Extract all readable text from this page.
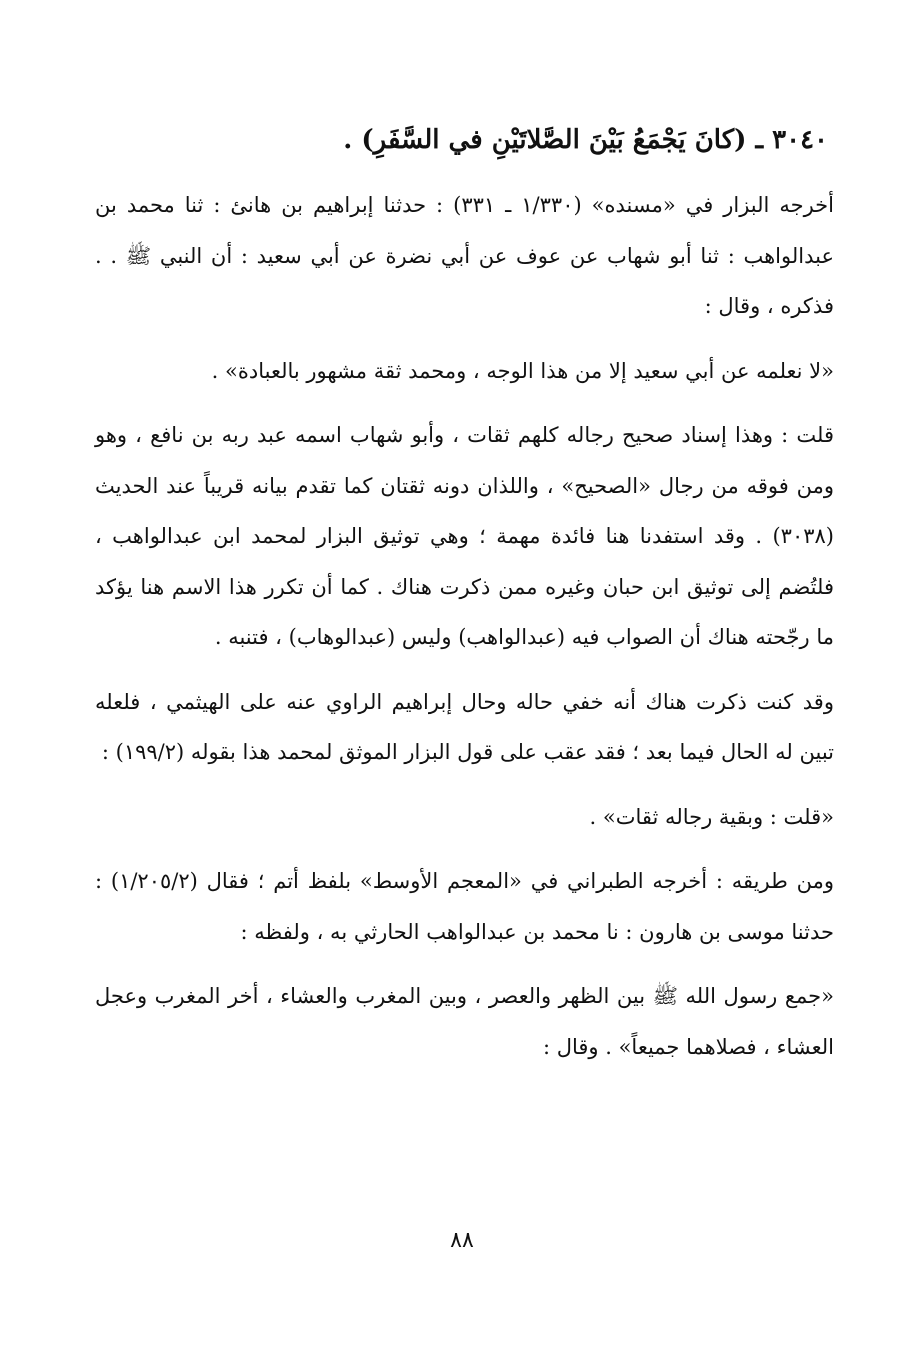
٣٠٤٠ ـ (كانَ يَجْمَعُ بَيْنَ الصَّلاتَيْنِ في السَّفَرِ) .

أخرجه البزار في «مسنده» (١/٣٣٠ ـ ٣٣١) : حدثنا إبراهيم بن هانئ : ثنا محمد بن عبدالواهب : ثنا أبو شهاب عن عوف عن أبي نضرة عن أبي سعيد : أن النبي ﷺ . . فذكره ، وقال :

«لا نعلمه عن أبي سعيد إلا من هذا الوجه ، ومحمد ثقة مشهور بالعبادة» .

قلت : وهذا إسناد صحيح رجاله كلهم ثقات ، وأبو شهاب اسمه عبد ربه بن نافع ، وهو ومن فوقه من رجال «الصحيح» ، واللذان دونه ثقتان كما تقدم بيانه قريباً عند الحديث (٣٠٣٨) . وقد استفدنا هنا فائدة مهمة ؛ وهي توثيق البزار لمحمد ابن عبدالواهب ، فلتُضم إلى توثيق ابن حبان وغيره ممن ذكرت هناك . كما أن تكرر هذا الاسم هنا يؤكد ما رجّحته هناك أن الصواب فيه (عبدالواهب) وليس (عبدالوهاب) ، فتنبه .

وقد كنت ذكرت هناك أنه خفي حاله وحال إبراهيم الراوي عنه على الهيثمي ، فلعله تبين له الحال فيما بعد ؛ فقد عقب على قول البزار الموثق لمحمد هذا بقوله (١٩٩/٢) :

«قلت : وبقية رجاله ثقات» .

ومن طريقه : أخرجه الطبراني في «المعجم الأوسط» بلفظ أتم ؛ فقال (١/٢٠٥/٢) : حدثنا موسى بن هارون : نا محمد بن عبدالواهب الحارثي به ، ولفظه :

«جمع رسول الله ﷺ بين الظهر والعصر ، وبين المغرب والعشاء ، أخر المغرب وعجل العشاء ، فصلاهما جميعاً» . وقال :

٨٨
